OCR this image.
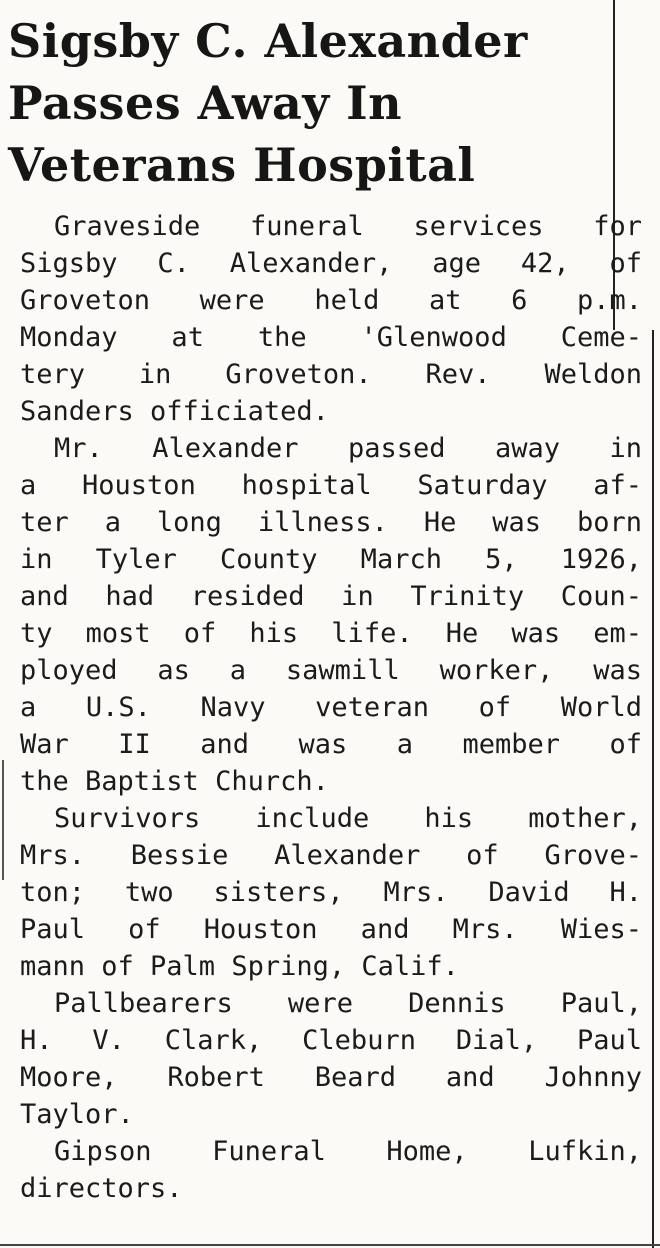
Sigsby C. Alexander
Passes Away In
Veterans Hospital

Graveside funeral services for
Sigsby C. Alexander, age 42, of
Groveton were held at 6 p.m.
Monday at the 'Glenwood Ceme-
tery in Groveton. Rev. Weldon
Sanders officiated.

Mr. Alexander passed away in
a Houston hospital Saturday af-
ter a long illness. He was born
in Tyler County March 5, 1926,
and had resided in Trinity Coun-
ty most of his life. He was em-
ployed as a sawmill worker, was
a U.S. Navy veteran of World
War II and was a member of
the Baptist Church.

Survivors include his mother,
Mrs. Bessie Alexander of Grove-
ton; two sisters, Mrs. David H.
Paul of Houston and Mrs. Wies-
mann of Palm Spring, Calif.

Pallbearers were Dennis Paul,
H. V. Clark, Cleburn Dial, Paul
Moore, Robert Beard and Johnny
Taylor.

Gipson Funeral Home, Lufkin,
directors.
